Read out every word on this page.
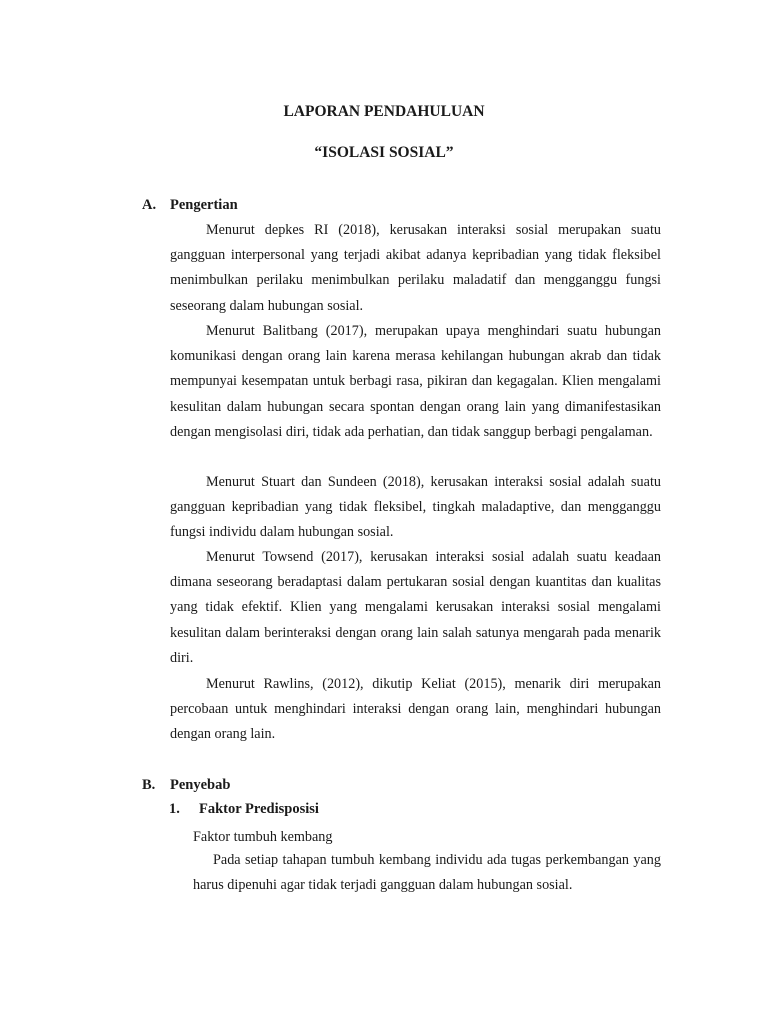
LAPORAN PENDAHULUAN
“ISOLASI SOSIAL”
A. Pengertian

Menurut depkes RI (2018), kerusakan interaksi sosial merupakan suatu gangguan interpersonal yang terjadi akibat adanya kepribadian yang tidak fleksibel menimbulkan perilaku menimbulkan perilaku maladatif dan mengganggu fungsi seseorang dalam hubungan sosial.

Menurut Balitbang (2017), merupakan upaya menghindari suatu hubungan komunikasi dengan orang lain karena merasa kehilangan hubungan akrab dan tidak mempunyai kesempatan untuk berbagi rasa, pikiran dan kegagalan. Klien mengalami kesulitan dalam hubungan secara spontan dengan orang lain yang dimanifestasikan dengan mengisolasi diri, tidak ada perhatian, dan tidak sanggup berbagi pengalaman.

Menurut Stuart dan Sundeen (2018), kerusakan interaksi sosial adalah suatu gangguan kepribadian yang tidak fleksibel, tingkah maladaptive, dan mengganggu fungsi individu dalam hubungan sosial.

Menurut Towsend (2017), kerusakan interaksi sosial adalah suatu keadaan dimana seseorang beradaptasi dalam pertukaran sosial dengan kuantitas dan kualitas yang tidak efektif. Klien yang mengalami kerusakan interaksi sosial mengalami kesulitan dalam berinteraksi dengan orang lain salah satunya mengarah pada menarik diri.

Menurut Rawlins, (2012), dikutip Keliat (2015), menarik diri merupakan percobaan untuk menghindari interaksi dengan orang lain, menghindari hubungan dengan orang lain.

B. Penyebab
1. Faktor Predisposisi
Faktor tumbuh kembang

Pada setiap tahapan tumbuh kembang individu ada tugas perkembangan yang harus dipenuhi agar tidak terjadi gangguan dalam hubungan sosial.
